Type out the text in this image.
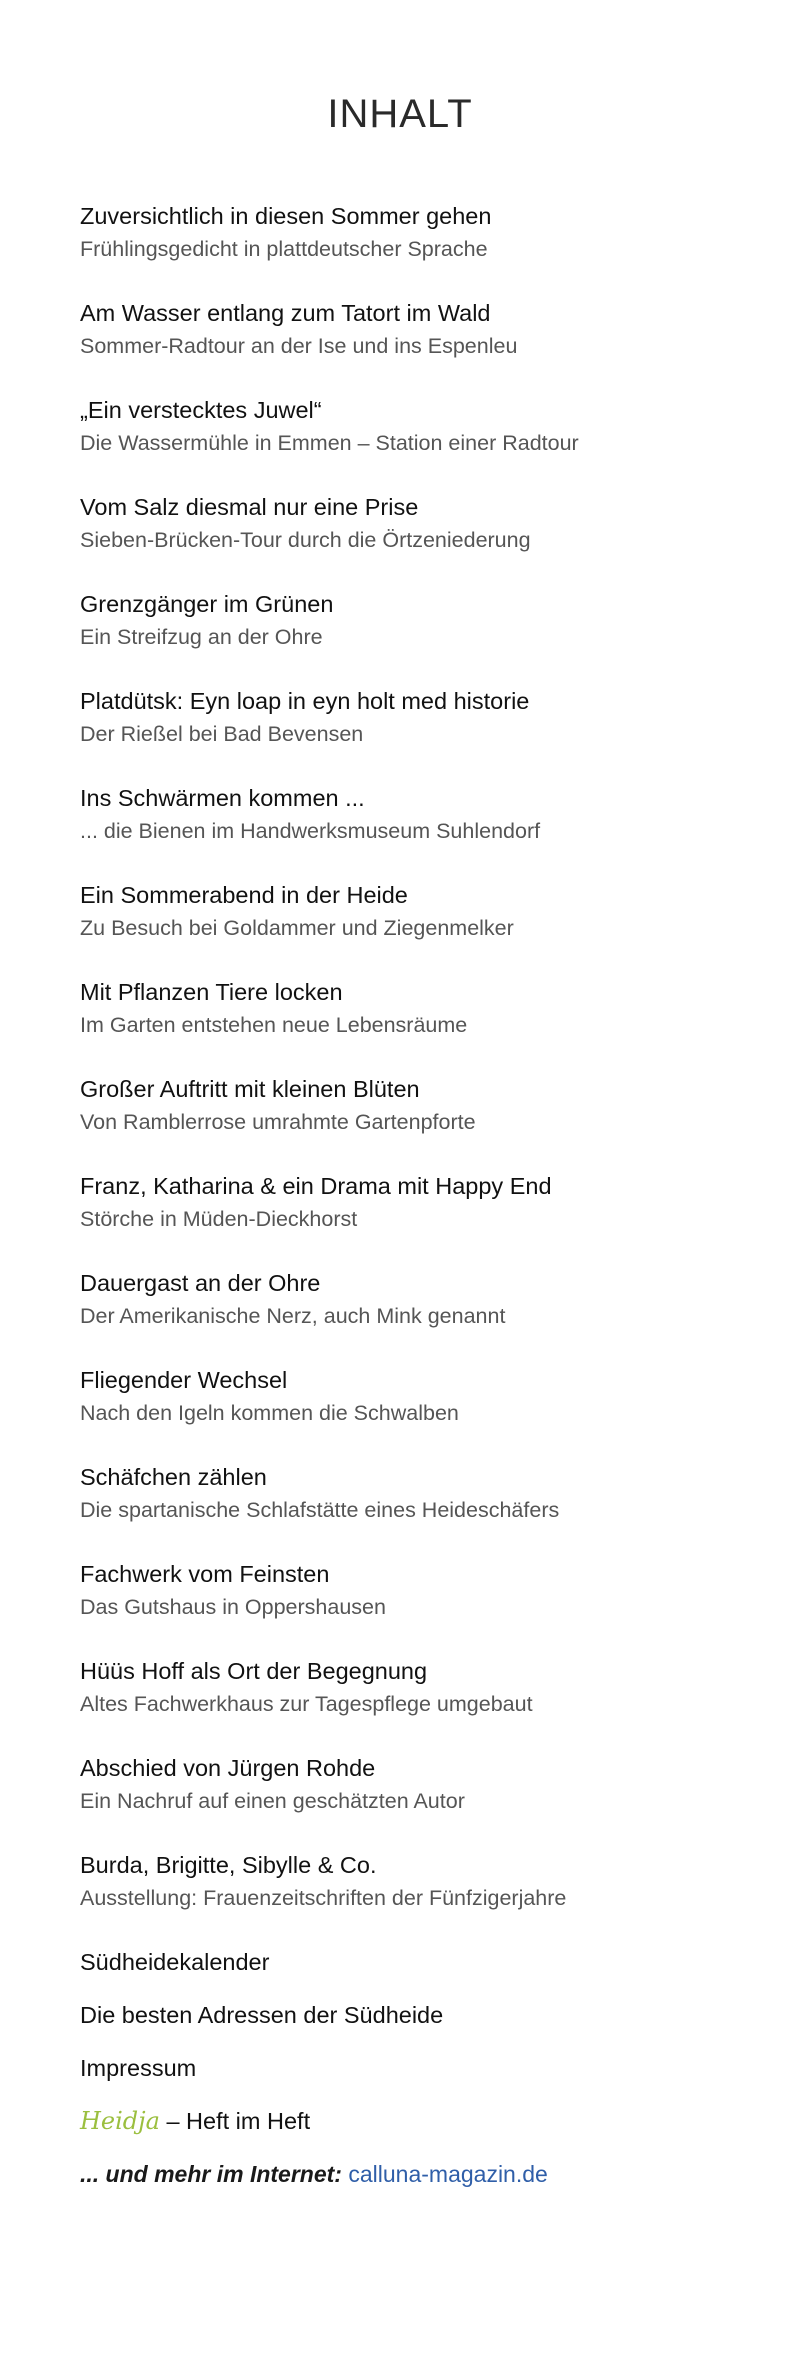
INHALT
Zuversichtlich in diesen Sommer gehen
Frühlingsgedicht in plattdeutscher Sprache
Am Wasser entlang zum Tatort im Wald
Sommer-Radtour an der Ise und ins Espenleu
„Ein verstecktes Juwel“
Die Wassermühle in Emmen – Station einer Radtour
Vom Salz diesmal nur eine Prise
Sieben-Brücken-Tour durch die Örtzeniederung
Grenzgänger im Grünen
Ein Streifzug an der Ohre
Platdütsk: Eyn loap in eyn holt med historie
Der Rießel bei Bad Bevensen
Ins Schwärmen kommen ...
... die Bienen im Handwerksmuseum Suhlendorf
Ein Sommerabend in der Heide
Zu Besuch bei Goldammer und Ziegenmelker
Mit Pflanzen Tiere locken
Im Garten entstehen neue Lebensräume
Großer Auftritt mit kleinen Blüten
Von Ramblerrose umrahmte Gartenpforte
Franz, Katharina & ein Drama mit Happy End
Störche in Müden-Dieckhorst
Dauergast an der Ohre
Der Amerikanische Nerz, auch Mink genannt
Fliegender Wechsel
Nach den Igeln kommen die Schwalben
Schäfchen zählen
Die spartanische Schlafstätte eines Heideschäfers
Fachwerk vom Feinsten
Das Gutshaus in Oppershausen
Hüüs Hoff als Ort der Begegnung
Altes Fachwerkhaus zur Tagespflege umgebaut
Abschied von Jürgen Rohde
Ein Nachruf auf einen geschätzten Autor
Burda, Brigitte, Sibylle & Co.
Ausstellung: Frauenzeitschriften der Fünfzigerjahre
Südheidekalender
Die besten Adressen der Südheide
Impressum
Heidja – Heft im Heft
... und mehr im Internet: calluna-magazin.de
